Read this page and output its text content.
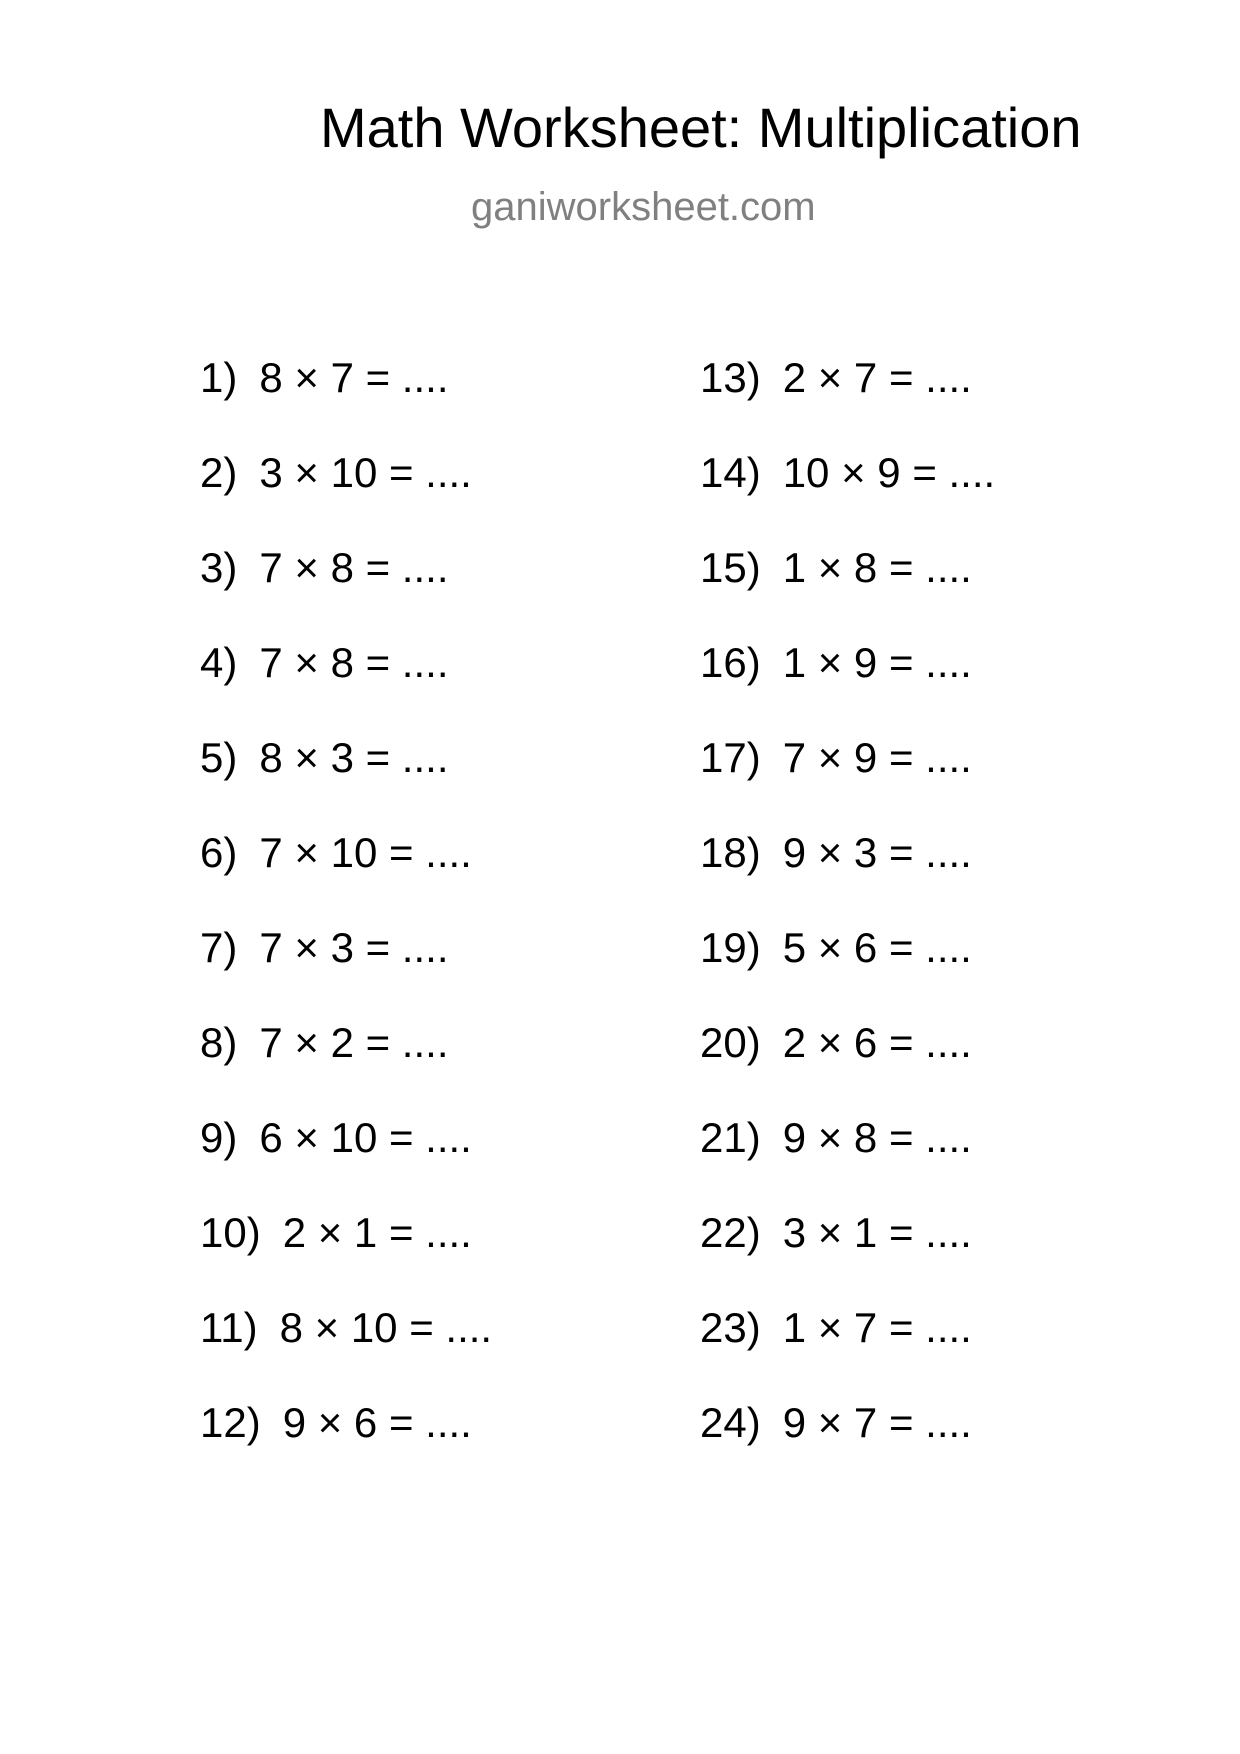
Math Worksheet: Multiplication
ganiworksheet.com
1) 8 × 7 = ....
2) 3 × 10 = ....
3) 7 × 8 = ....
4) 7 × 8 = ....
5) 8 × 3 = ....
6) 7 × 10 = ....
7) 7 × 3 = ....
8) 7 × 2 = ....
9) 6 × 10 = ....
10) 2 × 1 = ....
11) 8 × 10 = ....
12) 9 × 6 = ....
13) 2 × 7 = ....
14) 10 × 9 = ....
15) 1 × 8 = ....
16) 1 × 9 = ....
17) 7 × 9 = ....
18) 9 × 3 = ....
19) 5 × 6 = ....
20) 2 × 6 = ....
21) 9 × 8 = ....
22) 3 × 1 = ....
23) 1 × 7 = ....
24) 9 × 7 = ....
